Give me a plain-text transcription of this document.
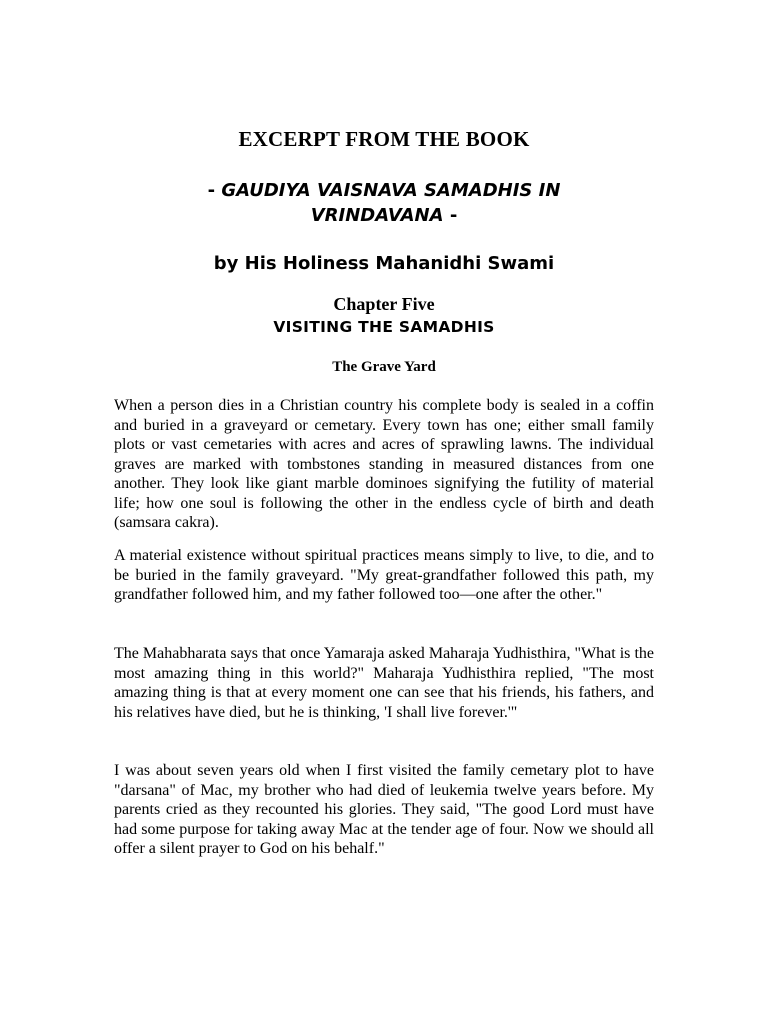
EXCERPT FROM THE BOOK
- GAUDIYA VAISNAVA SAMADHIS IN VRINDAVANA -
by His Holiness Mahanidhi Swami
Chapter Five
VISITING THE SAMADHIS
The Grave Yard

When a person dies in a Christian country his complete body is sealed in a coffin and buried in a graveyard or cemetary. Every town has one; either small family plots or vast cemetaries with acres and acres of sprawling lawns. The individual graves are marked with tombstones standing in measured distances from one another. They look like giant marble dominoes signifying the futility of material life; how one soul is following the other in the endless cycle of birth and death (samsara cakra).

A material existence without spiritual practices means simply to live, to die, and to be buried in the family graveyard. "My great-grandfather followed this path, my grandfather followed him, and my father followed too—one after the other."

The Mahabharata says that once Yamaraja asked Maharaja Yudhisthira, "What is the most amazing thing in this world?" Maharaja Yudhisthira replied, "The most amazing thing is that at every moment one can see that his friends, his fathers, and his relatives have died, but he is thinking, 'I shall live forever.'"

I was about seven years old when I first visited the family cemetary plot to have "darsana" of Mac, my brother who had died of leukemia twelve years before. My parents cried as they recounted his glories. They said, "The good Lord must have had some purpose for taking away Mac at the tender age of four. Now we should all offer a silent prayer to God on his behalf."
